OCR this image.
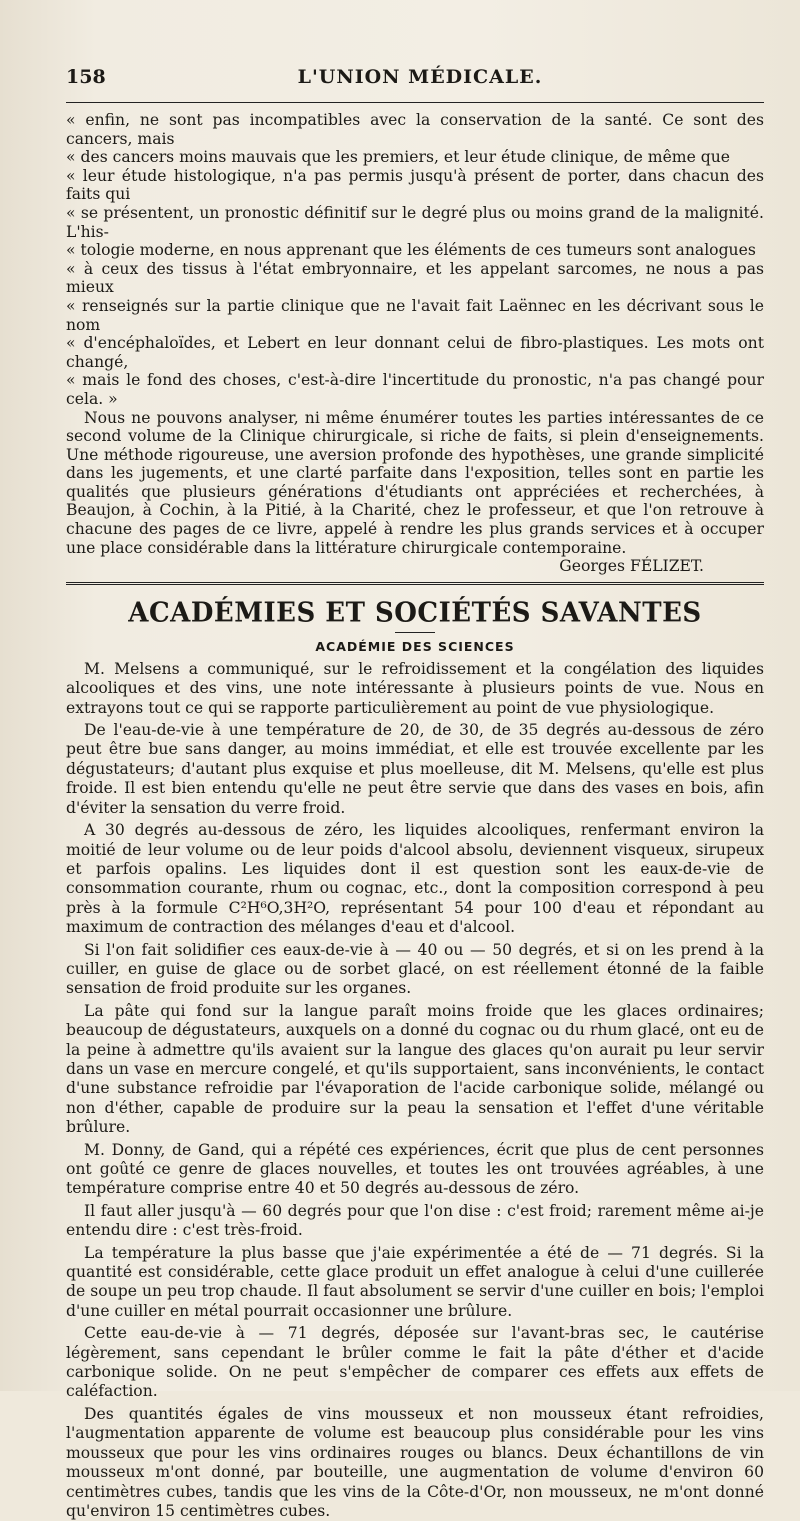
158	L'UNION MÉDICALE.

« enfin, ne sont pas incompatibles avec la conservation de la santé. Ce sont des cancers, mais

« des cancers moins mauvais que les premiers, et leur étude clinique, de même que

« leur étude histologique, n'a pas permis jusqu'à présent de porter, dans chacun des faits qui

« se présentent, un pronostic définitif sur le degré plus ou moins grand de la malignité. L'his-

« tologie moderne, en nous apprenant que les éléments de ces tumeurs sont analogues

« à ceux des tissus à l'état embryonnaire, et les appelant sarcomes, ne nous a pas mieux

« renseignés sur la partie clinique que ne l'avait fait Laënnec en les décrivant sous le nom

« d'encéphaloïdes, et Lebert en leur donnant celui de fibro-plastiques. Les mots ont changé,

« mais le fond des choses, c'est-à-dire l'incertitude du pronostic, n'a pas changé pour cela. »

Nous ne pouvons analyser, ni même énumérer toutes les parties intéressantes de ce second volume de la Clinique chirurgicale, si riche de faits, si plein d'enseignements. Une méthode rigoureuse, une aversion profonde des hypothèses, une grande simplicité dans les jugements, et une clarté parfaite dans l'exposition, telles sont en partie les qualités que plusieurs générations d'étudiants ont appréciées et recherchées, à Beaujon, à Cochin, à la Pitié, à la Charité, chez le professeur, et que l'on retrouve à chacune des pages de ce livre, appelé à rendre les plus grands services et à occuper une place considérable dans la littérature chirurgicale contemporaine.

Georges FÉLIZET.

ACADÉMIES ET SOCIÉTÉS SAVANTES
ACADÉMIE DES SCIENCES

M. Melsens a communiqué, sur le refroidissement et la congélation des liquides alcooliques et des vins, une note intéressante à plusieurs points de vue. Nous en extrayons tout ce qui se rapporte particulièrement au point de vue physiologique.

De l'eau-de-vie à une température de 20, de 30, de 35 degrés au-dessous de zéro peut être bue sans danger, au moins immédiat, et elle est trouvée excellente par les dégustateurs; d'autant plus exquise et plus moelleuse, dit M. Melsens, qu'elle est plus froide. Il est bien entendu qu'elle ne peut être servie que dans des vases en bois, afin d'éviter la sensation du verre froid.

A 30 degrés au-dessous de zéro, les liquides alcooliques, renfermant environ la moitié de leur volume ou de leur poids d'alcool absolu, deviennent visqueux, sirupeux et parfois opalins. Les liquides dont il est question sont les eaux-de-vie de consommation courante, rhum ou cognac, etc., dont la composition correspond à peu près à la formule C²H⁶O,3H²O, représentant 54 pour 100 d'eau et répondant au maximum de contraction des mélanges d'eau et d'alcool.

Si l'on fait solidifier ces eaux-de-vie à — 40 ou — 50 degrés, et si on les prend à la cuiller, en guise de glace ou de sorbet glacé, on est réellement étonné de la faible sensation de froid produite sur les organes.

La pâte qui fond sur la langue paraît moins froide que les glaces ordinaires; beaucoup de dégustateurs, auxquels on a donné du cognac ou du rhum glacé, ont eu de la peine à admettre qu'ils avaient sur la langue des glaces qu'on aurait pu leur servir dans un vase en mercure congelé, et qu'ils supportaient, sans inconvénients, le contact d'une substance refroidie par l'évaporation de l'acide carbonique solide, mélangé ou non d'éther, capable de produire sur la peau la sensation et l'effet d'une véritable brûlure.

M. Donny, de Gand, qui a répété ces expériences, écrit que plus de cent personnes ont goûté ce genre de glaces nouvelles, et toutes les ont trouvées agréables, à une température comprise entre 40 et 50 degrés au-dessous de zéro.

Il faut aller jusqu'à — 60 degrés pour que l'on dise : c'est froid; rarement même ai-je entendu dire : c'est très-froid.

La température la plus basse que j'aie expérimentée a été de — 71 degrés. Si la quantité est considérable, cette glace produit un effet analogue à celui d'une cuillerée de soupe un peu trop chaude. Il faut absolument se servir d'une cuiller en bois; l'emploi d'une cuiller en métal pourrait occasionner une brûlure.

Cette eau-de-vie à — 71 degrés, déposée sur l'avant-bras sec, le cautérise légèrement, sans cependant le brûler comme le fait la pâte d'éther et d'acide carbonique solide. On ne peut s'empêcher de comparer ces effets aux effets de caléfaction.

Des quantités égales de vins mousseux et non mousseux étant refroidies, l'augmentation apparente de volume est beaucoup plus considérable pour les vins mousseux que pour les vins ordinaires rouges ou blancs. Deux échantillons de vin mousseux m'ont donné, par bouteille, une augmentation de volume d'environ 60 centimètres cubes, tandis que les vins de la Côte-d'Or, non mousseux, ne m'ont donné qu'environ 15 centimètres cubes.
